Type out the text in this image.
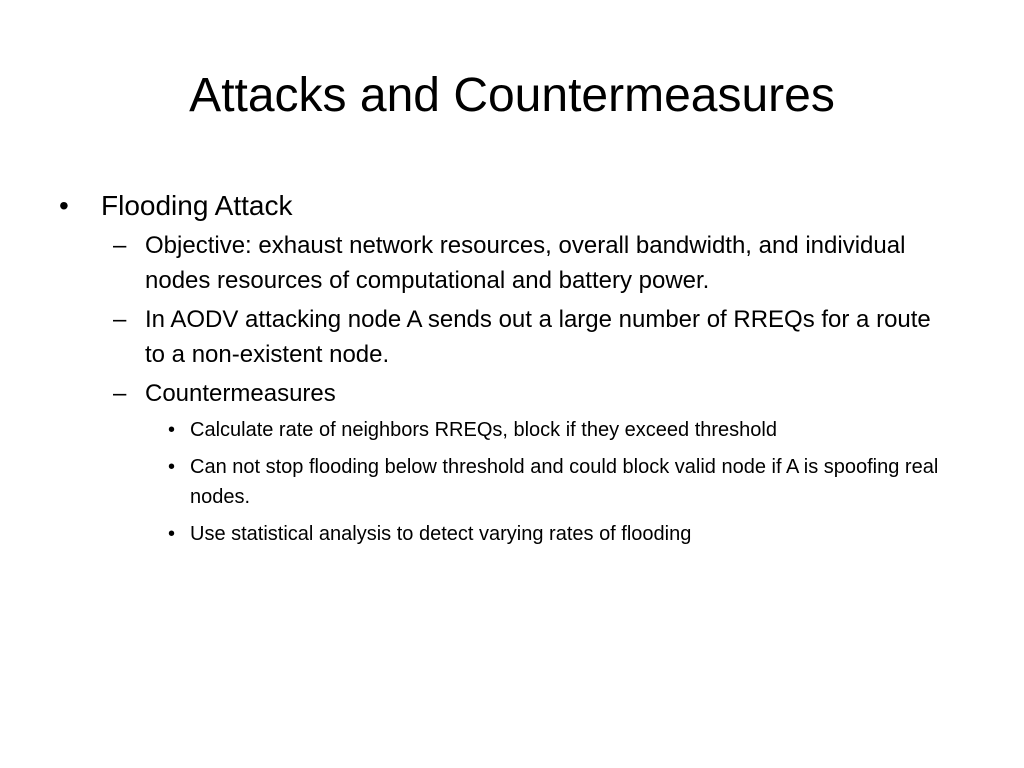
Attacks and Countermeasures
• Flooding Attack
– Objective: exhaust network resources, overall bandwidth, and individual nodes resources of computational and battery power.
– In AODV attacking node A sends out a large number of RREQs for a route to a non-existent node.
– Countermeasures
• Calculate rate of neighbors RREQs, block if they exceed threshold
• Can not stop flooding below threshold and could block valid node if A is spoofing real nodes.
• Use statistical analysis to detect varying rates of flooding
